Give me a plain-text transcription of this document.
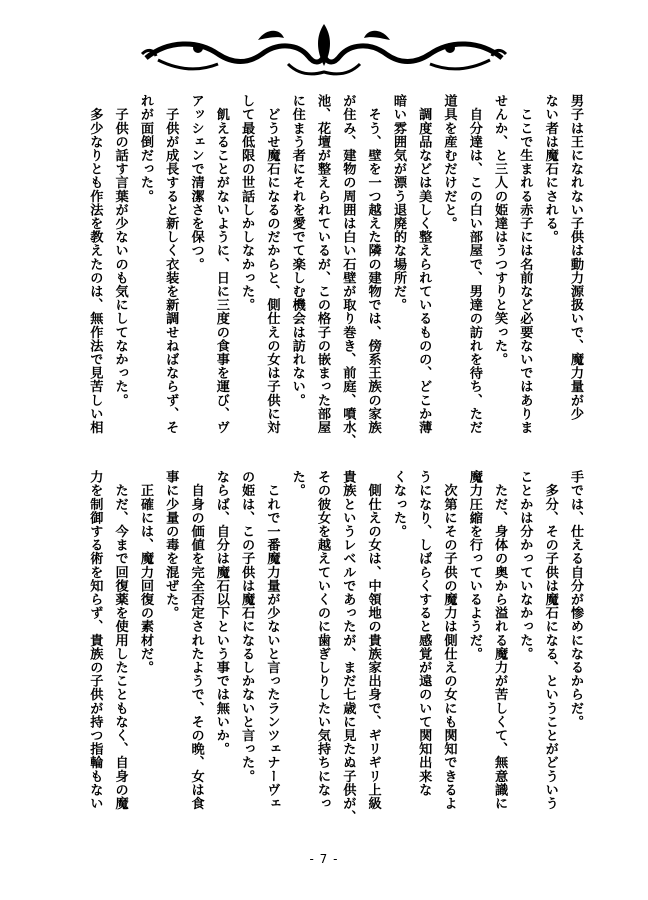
男子は王になれない子供は動力源扱いで、魔力量が少
ない者は魔石にされる。
　ここで生まれる赤子には名前など必要ないではありま
せんか、と三人の姫達はうつすりと笑った。
　自分達は、この白い部屋で、男達の訪れを待ち、ただ
道具を産むだけだと。
　調度品などは美しく整えられているものの、どこか薄
暗い雰囲気が漂う退廃的な場所だ。
　そう、壁を一つ越えた隣の建物では、傍系王族の家族
が住み、建物の周囲は白い石壁が取り巻き、前庭、噴水、
池、花壇が整えられているが、この格子の嵌まった部屋
に住まう者にそれを愛でて楽しむ機会は訪れない。
　どうせ魔石になるのだからと、側仕えの女は子供に対
して最低限の世話しかしなかった。
　飢えることがないように、日に三度の食事を運び、ヴ
アッシェンで清潔さを保つ。
　子供が成長すると新しく衣装を新調せねばならず、そ
れが面倒だった。
　子供の話す言葉が少ないのも気にしてなかった。
　多少なりとも作法を教えたのは、無作法で見苦しい相
手では、仕える自分が惨めになるからだ。
　多分、その子供は魔石になる、ということがどういう
ことかは分かっていなかった。
　ただ、身体の奥から溢れる魔力が苦しくて、無意識に
魔力圧縮を行っているようだ。
　次第にその子供の魔力は側仕えの女にも関知できるよ
うになり、しばらくすると感覚が遠のいて関知出来な
くなった。
　側仕えの女は、中領地の貴族家出身で、ギリギリ上級
貴族というレベルであったが、まだ七歳に見たぬ子供が、
その彼女を越えていくのに歯ぎしりしたい気持ちになっ
た。
　これで一番魔力量が少ないと言ったランツェナーヴェ
の姫は、この子供は魔石になるしかないと言った。
ならば、自分は魔石以下という事では無いか。
　自身の価値を完全否定されたようで、その晩、女は食
事に少量の毒を混ぜた。
　正確には、魔力回復の素材だ。
　ただ、今まで回復薬を使用したこともなく、自身の魔
力を制御する術を知らず、貴族の子供が持つ指輪もない
- 7 -
